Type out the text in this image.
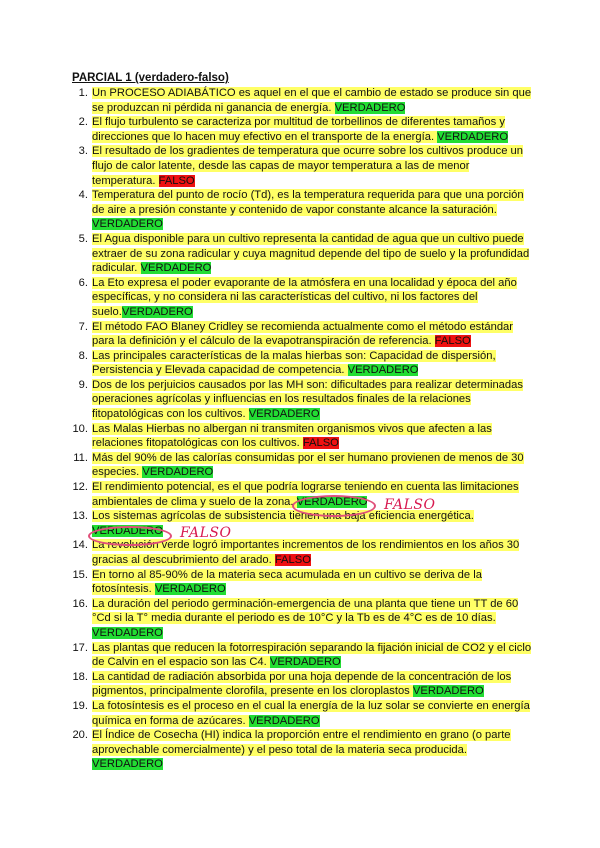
PARCIAL 1 (verdadero-falso)
1. Un PROCESO ADIABÁTICO es aquel en el que el cambio de estado se produce sin que se produzcan ni pérdida ni ganancia de energía. VERDADERO
2. El flujo turbulento se caracteriza por multitud de torbellinos de diferentes tamaños y direcciones que lo hacen muy efectivo en el transporte de la energía. VERDADERO
3. El resultado de los gradientes de temperatura que ocurre sobre los cultivos produce un flujo de calor latente, desde las capas de mayor temperatura a las de menor temperatura. FALSO
4. Temperatura del punto de rocío (Td), es la temperatura requerida para que una porción de aire a presión constante y contenido de vapor constante alcance la saturación. VERDADERO
5. El Agua disponible para un cultivo representa la cantidad de agua que un cultivo puede extraer de su zona radicular y cuya magnitud depende del tipo de suelo y la profundidad radicular. VERDADERO
6. La Eto expresa el poder evaporante de la atmósfera en una localidad y época del año específicas, y no considera ni las características del cultivo, ni los factores del suelo.VERDADERO
7. El método FAO Blaney Cridley se recomienda actualmente como el método estándar para la definición y el cálculo de la evapotranspiración de referencia. FALSO
8. Las principales características de la malas hierbas son: Capacidad de dispersión, Persistencia y Elevada capacidad de competencia. VERDADERO
9. Dos de los perjuicios causados por las MH son: dificultades para realizar determinadas operaciones agrícolas y influencias en los resultados finales de la relaciones fitopatológicas con los cultivos. VERDADERO
10. Las Malas Hierbas no albergan ni transmiten organismos vivos que afecten a las relaciones fitopatológicas con los cultivos. FALSO
11. Más del 90% de las calorías consumidas por el ser humano provienen de menos de 30 especies. VERDADERO
12. El rendimiento potencial, es el que podría lograrse teniendo en cuenta las limitaciones ambientales de clima y suelo de la zona. VERDADERO
13. Los sistemas agrícolas de subsistencia tienen una baja eficiencia energética. VERDADERO
14. La revolución verde logró importantes incrementos de los rendimientos en los años 30 gracias al descubrimiento del arado. FALSO
15. En torno al 85-90% de la materia seca acumulada en un cultivo se deriva de la fotosíntesis. VERDADERO
16. La duración del periodo germinación-emergencia de una planta que tiene un TT de 60 °Cd si la T° media durante el periodo es de 10°C y la Tb es de 4°C es de 10 días. VERDADERO
17. Las plantas que reducen la fotorrespiración separando la fijación inicial de CO2 y el ciclo de Calvin en el espacio son las C4. VERDADERO
18. La cantidad de radiación absorbida por una hoja depende de la concentración de los pigmentos, principalmente clorofila, presente en los cloroplastos VERDADERO
19. La fotosíntesis es el proceso en el cual la energía de la luz solar se convierte en energía química en forma de azúcares. VERDADERO
20. El Índice de Cosecha (HI) indica la proporción entre el rendimiento en grano (o parte aprovechable comercialmente) y el peso total de la materia seca producida. VERDADERO
FALSO
FALSO
